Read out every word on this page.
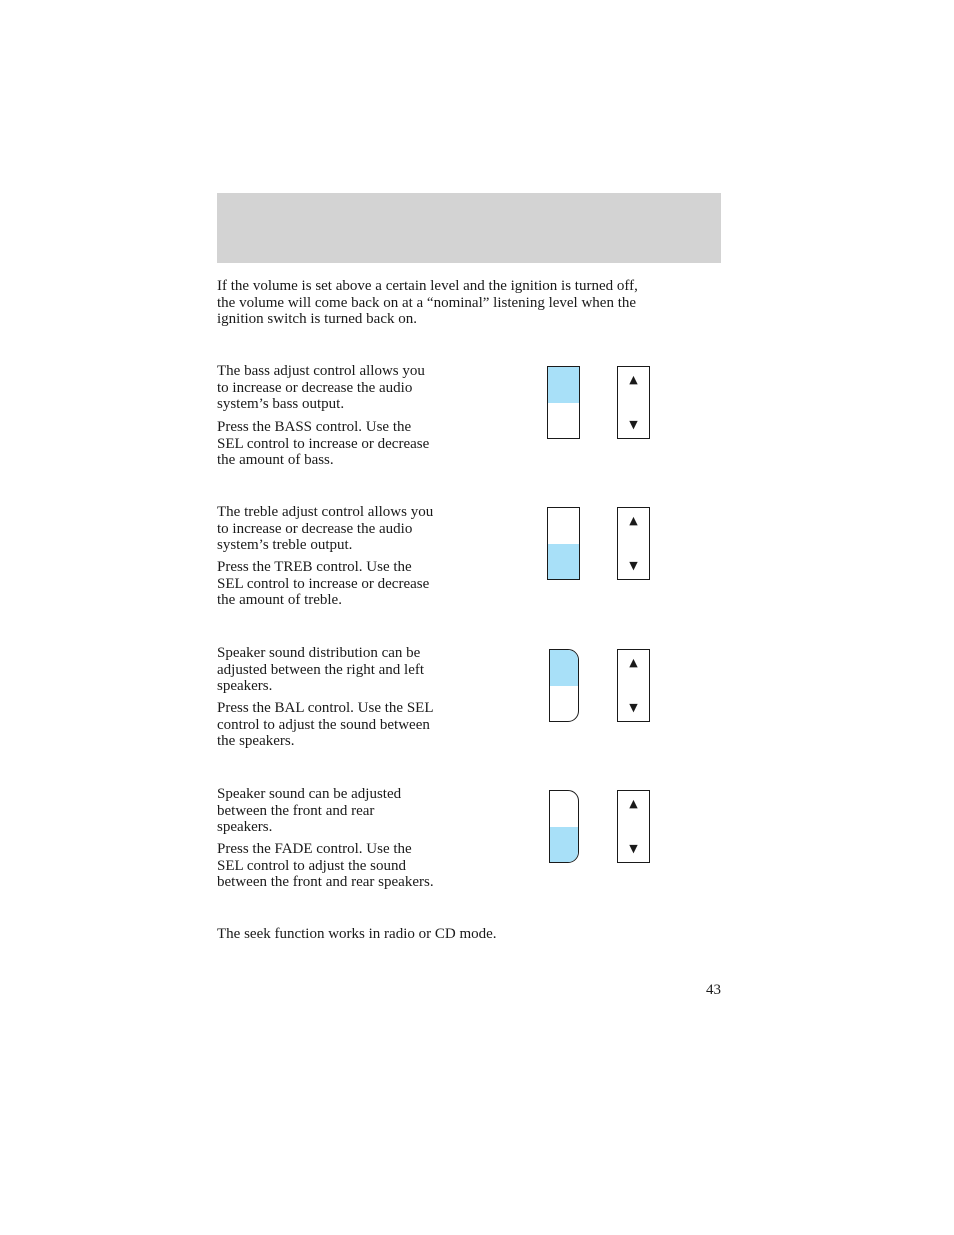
If the volume is set above a certain level and the ignition is turned off,
the volume will come back on at a “nominal” listening level when the
ignition switch is turned back on.

The bass adjust control allows you
to increase or decrease the audio
system’s bass output.

Press the BASS control. Use the
SEL control to increase or decrease
the amount of bass.

▲
▼

The treble adjust control allows you
to increase or decrease the audio
system’s treble output.

Press the TREB control. Use the
SEL control to increase or decrease
the amount of treble.

▲
▼

Speaker sound distribution can be
adjusted between the right and left
speakers.

Press the BAL control. Use the SEL
control to adjust the sound between
the speakers.

▲
▼

Speaker sound can be adjusted
between the front and rear
speakers.

Press the FADE control. Use the
SEL control to adjust the sound
between the front and rear speakers.

▲
▼

The seek function works in radio or CD mode.

43
